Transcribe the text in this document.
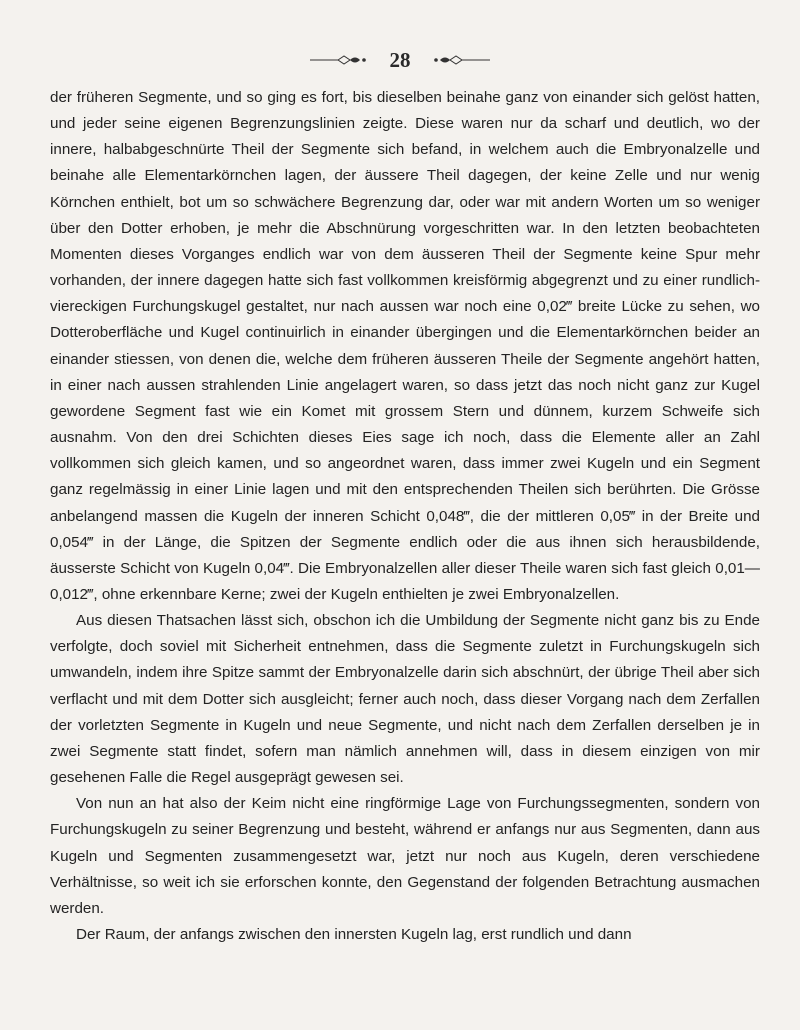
28

der früheren Segmente, und so ging es fort, bis dieselben beinahe ganz von einander sich gelöst hatten, und jeder seine eigenen Begrenzungslinien zeigte. Diese waren nur da scharf und deutlich, wo der innere, halbabgeschnürte Theil der Segmente sich befand, in welchem auch die Embryonalzelle und beinahe alle Elementarkörnchen lagen, der äussere Theil dagegen, der keine Zelle und nur wenig Körnchen enthielt, bot um so schwächere Begrenzung dar, oder war mit andern Worten um so weniger über den Dotter erhoben, je mehr die Abschnürung vorgeschritten war. In den letzten beobachteten Momenten dieses Vorganges endlich war von dem äusseren Theil der Segmente keine Spur mehr vorhanden, der innere dagegen hatte sich fast vollkommen kreisförmig abgegrenzt und zu einer rundlich-viereckigen Furchungskugel gestaltet, nur nach aussen war noch eine 0,02‴ breite Lücke zu sehen, wo Dotteroberfläche und Kugel continuirlich in einander übergingen und die Elementarkörnchen beider an einander stiessen, von denen die, welche dem früheren äusseren Theile der Segmente angehört hatten, in einer nach aussen strahlenden Linie angelagert waren, so dass jetzt das noch nicht ganz zur Kugel gewordene Segment fast wie ein Komet mit grossem Stern und dünnem, kurzem Schweife sich ausnahm. Von den drei Schichten dieses Eies sage ich noch, dass die Elemente aller an Zahl vollkommen sich gleich kamen, und so angeordnet waren, dass immer zwei Kugeln und ein Segment ganz regelmässig in einer Linie lagen und mit den entsprechenden Theilen sich berührten. Die Grösse anbelangend massen die Kugeln der inneren Schicht 0,048‴, die der mittleren 0,05‴ in der Breite und 0,054‴ in der Länge, die Spitzen der Segmente endlich oder die aus ihnen sich herausbildende, äusserste Schicht von Kugeln 0,04‴. Die Embryonalzellen aller dieser Theile waren sich fast gleich 0,01—0,012‴, ohne erkennbare Kerne; zwei der Kugeln enthielten je zwei Embryonalzellen.

Aus diesen Thatsachen lässt sich, obschon ich die Umbildung der Segmente nicht ganz bis zu Ende verfolgte, doch soviel mit Sicherheit entnehmen, dass die Segmente zuletzt in Furchungskugeln sich umwandeln, indem ihre Spitze sammt der Embryonalzelle darin sich abschnürt, der übrige Theil aber sich verflacht und mit dem Dotter sich ausgleicht; ferner auch noch, dass dieser Vorgang nach dem Zerfallen der vorletzten Segmente in Kugeln und neue Segmente, und nicht nach dem Zerfallen derselben je in zwei Segmente statt findet, sofern man nämlich annehmen will, dass in diesem einzigen von mir gesehenen Falle die Regel ausgeprägt gewesen sei.

Von nun an hat also der Keim nicht eine ringförmige Lage von Furchungssegmenten, sondern von Furchungskugeln zu seiner Begrenzung und besteht, während er anfangs nur aus Segmenten, dann aus Kugeln und Segmenten zusammengesetzt war, jetzt nur noch aus Kugeln, deren verschiedene Verhältnisse, so weit ich sie erforschen konnte, den Gegenstand der folgenden Betrachtung ausmachen werden.

Der Raum, der anfangs zwischen den innersten Kugeln lag, erst rundlich und dann
